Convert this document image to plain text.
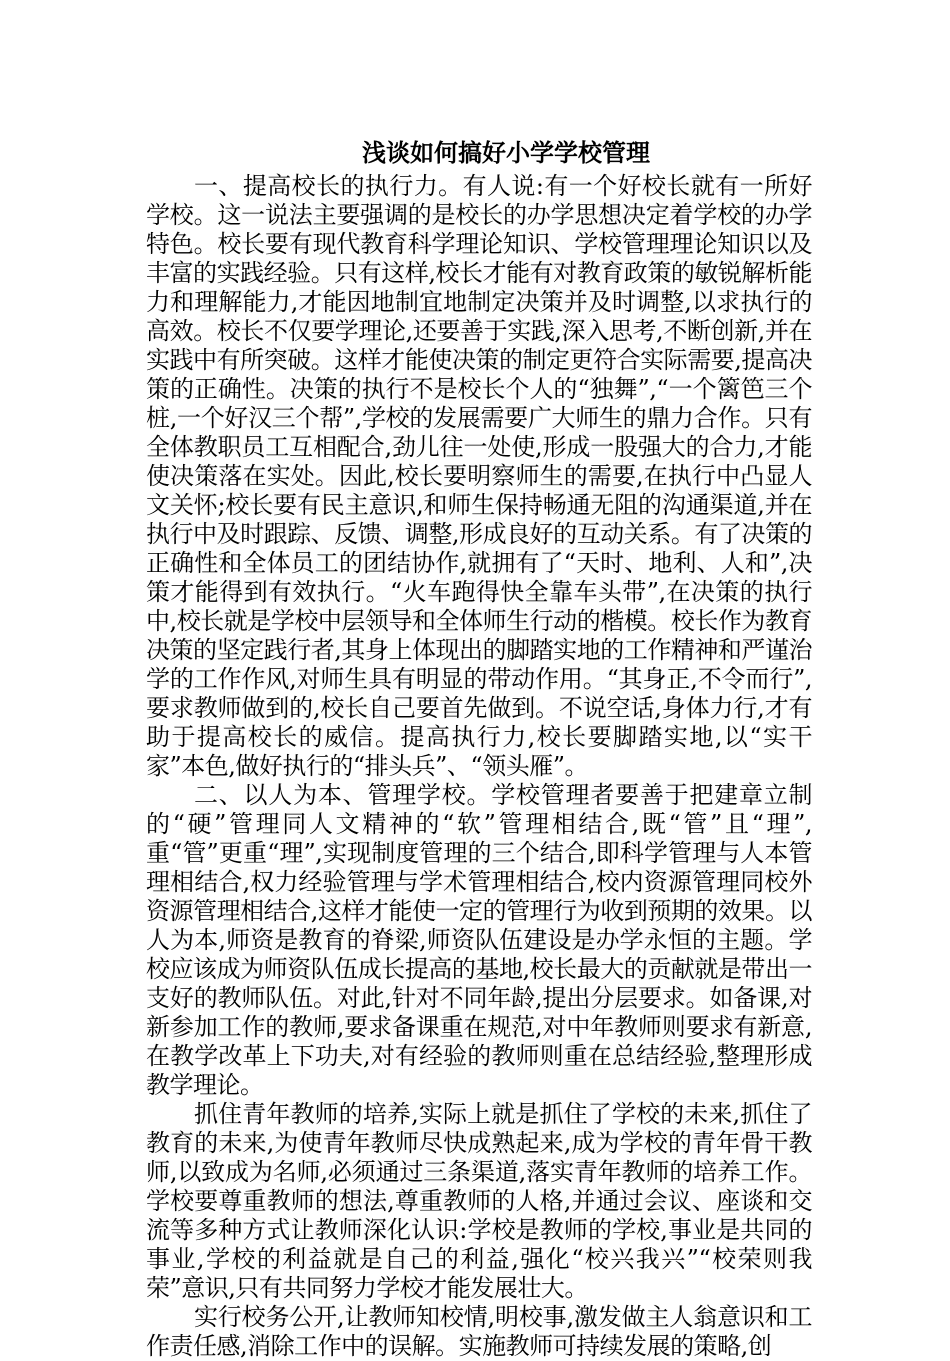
浅谈如何搞好小学学校管理

一、提高校长的执行力。有人说:有一个好校长就有一所好学校。这一说法主要强调的是校长的办学思想决定着学校的办学特色。校长要有现代教育科学理论知识、学校管理理论知识以及丰富的实践经验。只有这样,校长才能有对教育政策的敏锐解析能力和理解能力,才能因地制宜地制定决策并及时调整,以求执行的高效。校长不仅要学理论,还要善于实践,深入思考,不断创新,并在实践中有所突破。这样才能使决策的制定更符合实际需要,提高决策的正确性。决策的执行不是校长个人的“独舞”,“一个篱笆三个桩,一个好汉三个帮”,学校的发展需要广大师生的鼎力合作。只有全体教职员工互相配合,劲儿往一处使,形成一股强大的合力,才能使决策落在实处。因此,校长要明察师生的需要,在执行中凸显人文关怀;校长要有民主意识,和师生保持畅通无阻的沟通渠道,并在执行中及时跟踪、反馈、调整,形成良好的互动关系。有了决策的正确性和全体员工的团结协作,就拥有了“天时、地利、人和”,决策才能得到有效执行。“火车跑得快全靠车头带”,在决策的执行中,校长就是学校中层领导和全体师生行动的楷模。校长作为教育决策的坚定践行者,其身上体现出的脚踏实地的工作精神和严谨治学的工作作风,对师生具有明显的带动作用。“其身正,不令而行”,要求教师做到的,校长自己要首先做到。不说空话,身体力行,才有助于提高校长的威信。提高执行力,校长要脚踏实地,以“实干家”本色,做好执行的“排头兵”、“领头雁”。

二、以人为本、管理学校。学校管理者要善于把建章立制的“硬”管理同人文精神的“软”管理相结合,既“管”且“理”,重“管”更重“理”,实现制度管理的三个结合,即科学管理与人本管理相结合,权力经验管理与学术管理相结合,校内资源管理同校外资源管理相结合,这样才能使一定的管理行为收到预期的效果。以人为本,师资是教育的脊梁,师资队伍建设是办学永恒的主题。学校应该成为师资队伍成长提高的基地,校长最大的贡献就是带出一支好的教师队伍。对此,针对不同年龄,提出分层要求。如备课,对新参加工作的教师,要求备课重在规范,对中年教师则要求有新意,在教学改革上下功夫,对有经验的教师则重在总结经验,整理形成教学理论。

抓住青年教师的培养,实际上就是抓住了学校的未来,抓住了教育的未来,为使青年教师尽快成熟起来,成为学校的青年骨干教师,以致成为名师,必须通过三条渠道,落实青年教师的培养工作。学校要尊重教师的想法,尊重教师的人格,并通过会议、座谈和交流等多种方式让教师深化认识:学校是教师的学校,事业是共同的事业,学校的利益就是自己的利益,强化“校兴我兴”“校荣则我荣”意识,只有共同努力学校才能发展壮大。

实行校务公开,让教师知校情,明校事,激发做主人翁意识和工作责任感,消除工作中的误解。实施教师可持续发展的策略,创
